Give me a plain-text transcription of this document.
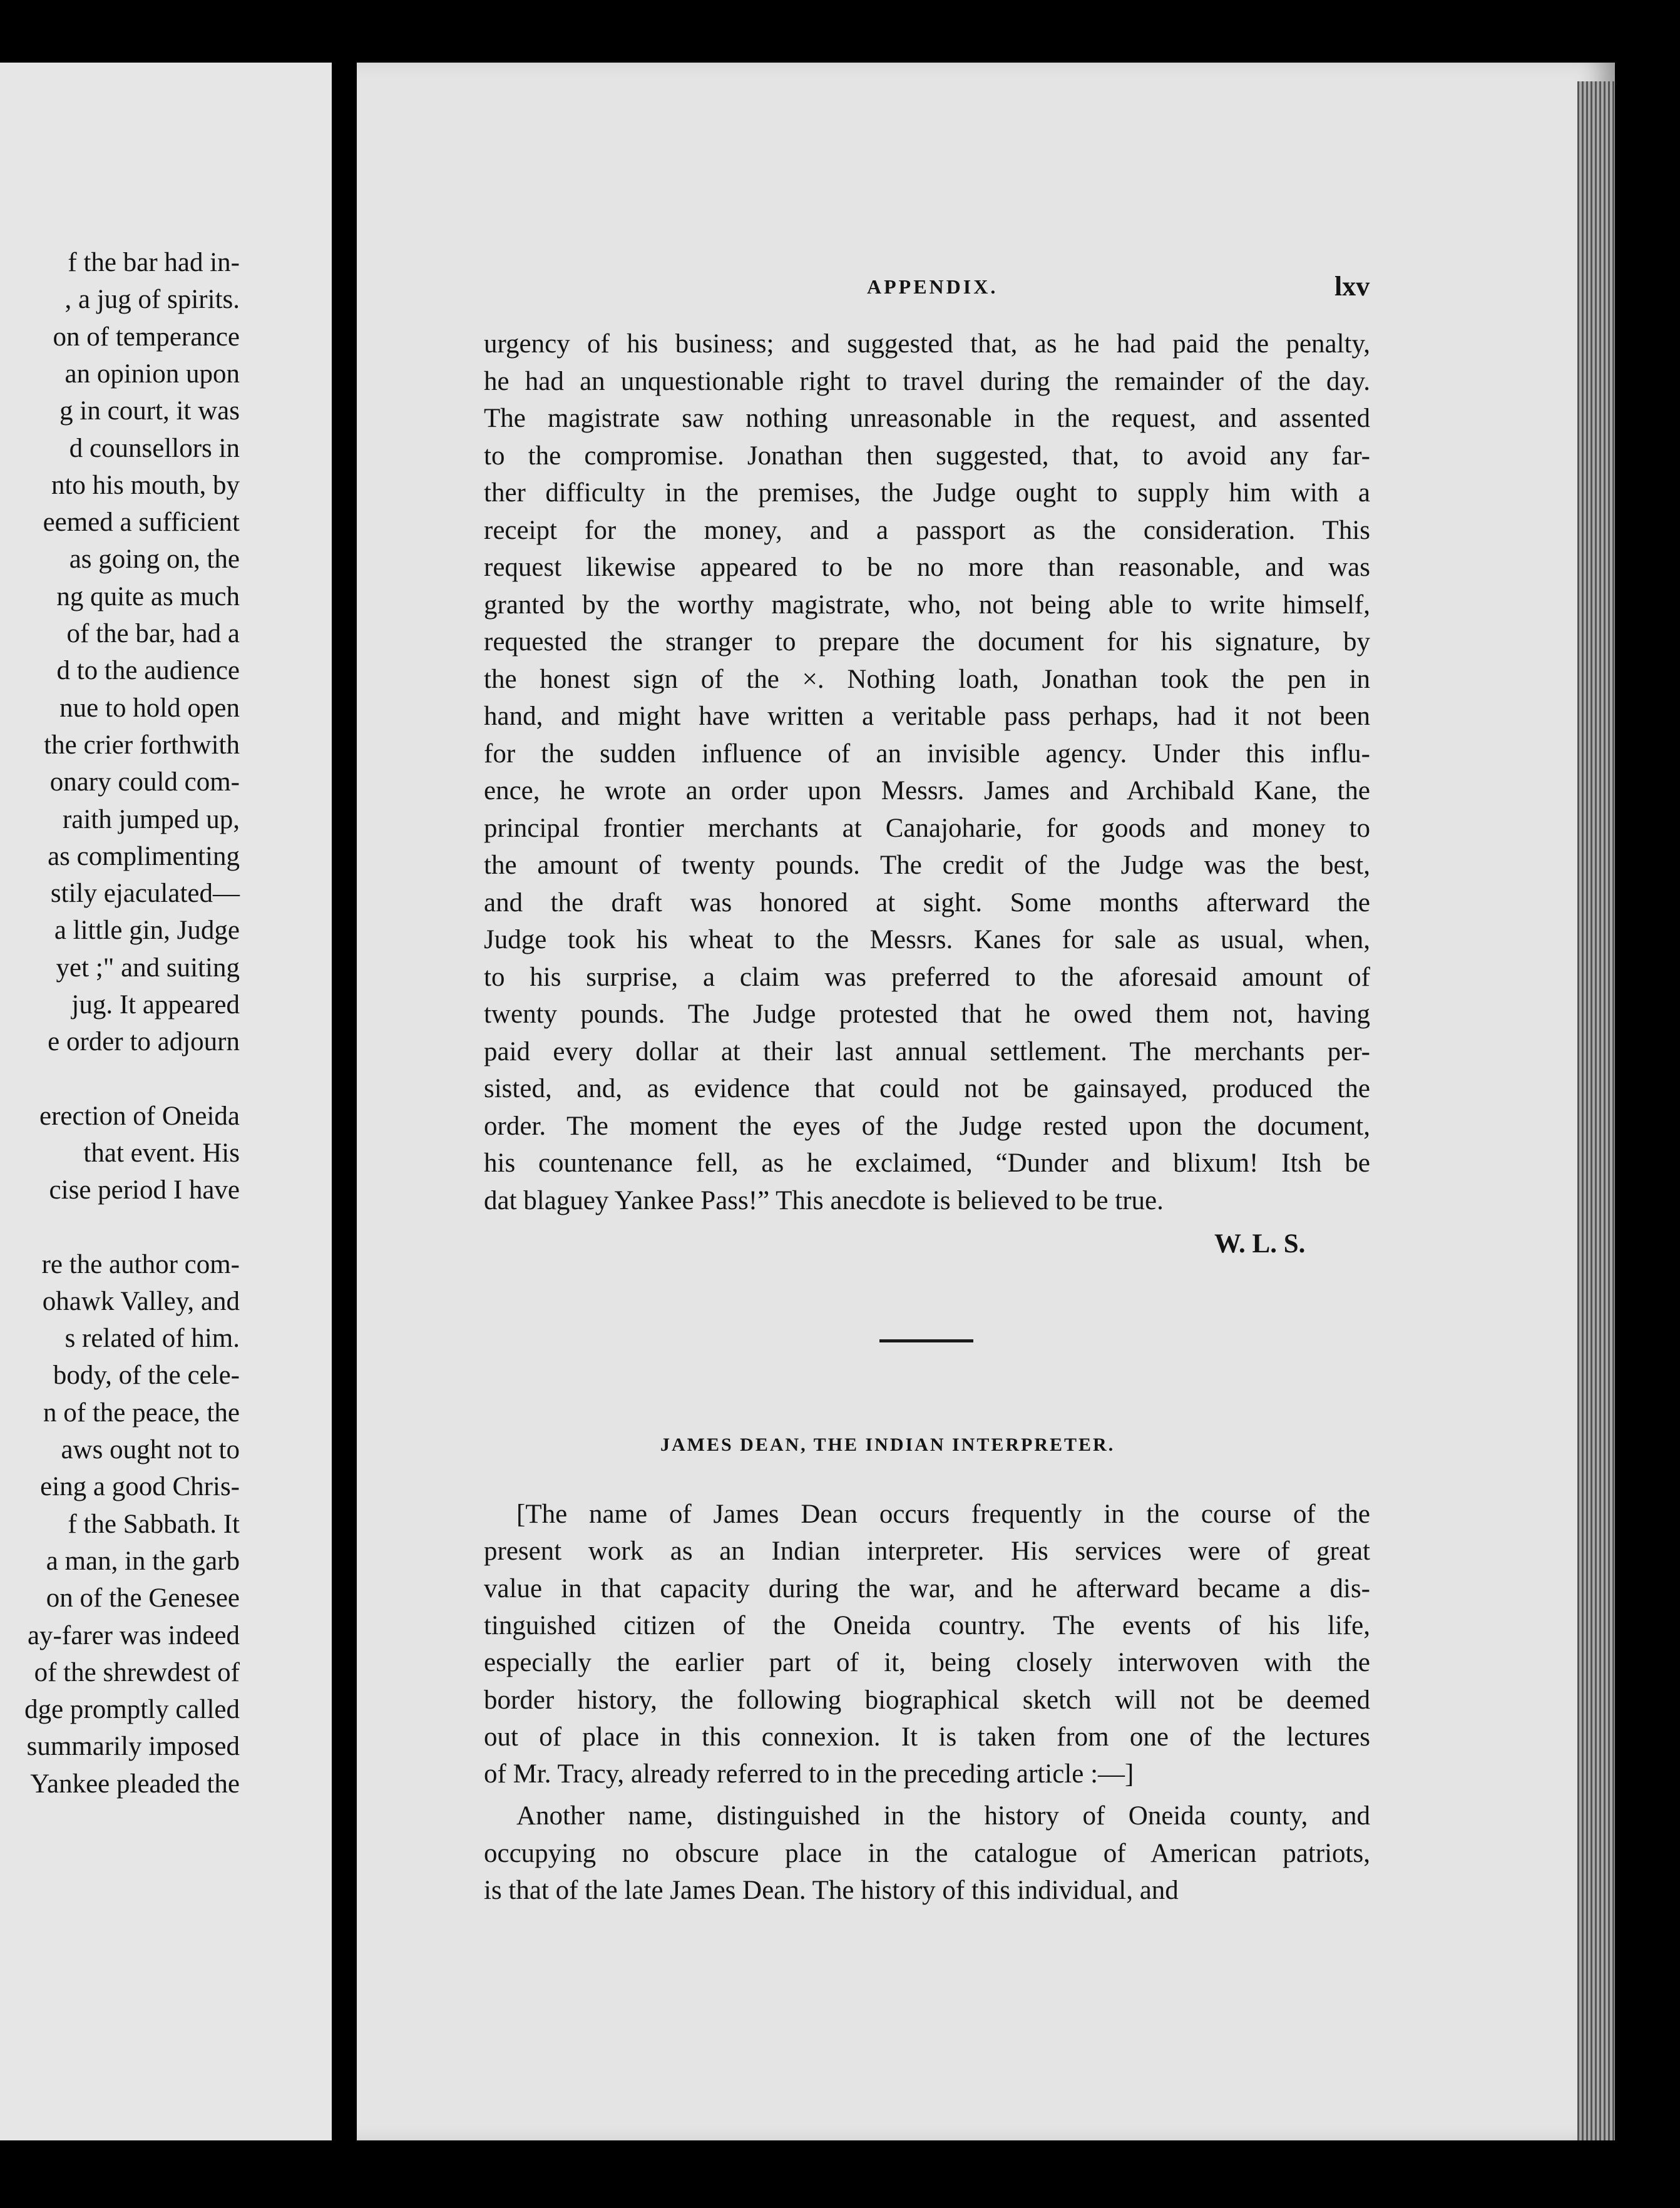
f the bar had in-
, a jug of spirits.
on of temperance
an opinion upon
g in court, it was
d counsellors in
nto his mouth, by
eemed a sufficient
as going on, the
ng quite as much
of the bar, had a
d to the audience
nue to hold open
the crier forthwith
onary could com-
raith jumped up,
as complimenting
stily ejaculated—
a little gin, Judge
yet ;" and suiting
jug. It appeared
e order to adjourn
erection of Oneida
that event. His
cise period I have
re the author com-
ohawk Valley, and
s related of him.
body, of the cele-
n of the peace, the
aws ought not to
eing a good Chris-
f the Sabbath. It
a man, in the garb
on of the Genesee
ay-farer was indeed
of the shrewdest of
dge promptly called
summarily imposed
Yankee pleaded the
APPENDIX.	lxv
urgency of his business; and suggested that, as he had paid the penalty,
he had an unquestionable right to travel during the remainder of the day.
The magistrate saw nothing unreasonable in the request, and assented
to the compromise. Jonathan then suggested, that, to avoid any far-
ther difficulty in the premises, the Judge ought to supply him with a
receipt for the money, and a passport as the consideration. This
request likewise appeared to be no more than reasonable, and was
granted by the worthy magistrate, who, not being able to write himself,
requested the stranger to prepare the document for his signature, by
the honest sign of the ×. Nothing loath, Jonathan took the pen in
hand, and might have written a veritable pass perhaps, had it not been
for the sudden influence of an invisible agency. Under this influ-
ence, he wrote an order upon Messrs. James and Archibald Kane, the
principal frontier merchants at Canajoharie, for goods and money to
the amount of twenty pounds. The credit of the Judge was the best,
and the draft was honored at sight. Some months afterward the
Judge took his wheat to the Messrs. Kanes for sale as usual, when,
to his surprise, a claim was preferred to the aforesaid amount of
twenty pounds. The Judge protested that he owed them not, having
paid every dollar at their last annual settlement. The merchants per-
sisted, and, as evidence that could not be gainsayed, produced the
order. The moment the eyes of the Judge rested upon the document,
his countenance fell, as he exclaimed, “Dunder and blixum! Itsh be
dat blaguey Yankee Pass!” This anecdote is believed to be true.
W. L. S.
JAMES DEAN, THE INDIAN INTERPRETER.
[The name of James Dean occurs frequently in the course of the
present work as an Indian interpreter. His services were of great
value in that capacity during the war, and he afterward became a dis-
tinguished citizen of the Oneida country. The events of his life,
especially the earlier part of it, being closely interwoven with the
border history, the following biographical sketch will not be deemed
out of place in this connexion. It is taken from one of the lectures
of Mr. Tracy, already referred to in the preceding article :—]
Another name, distinguished in the history of Oneida county, and
occupying no obscure place in the catalogue of American patriots,
is that of the late James Dean. The history of this individual, and
